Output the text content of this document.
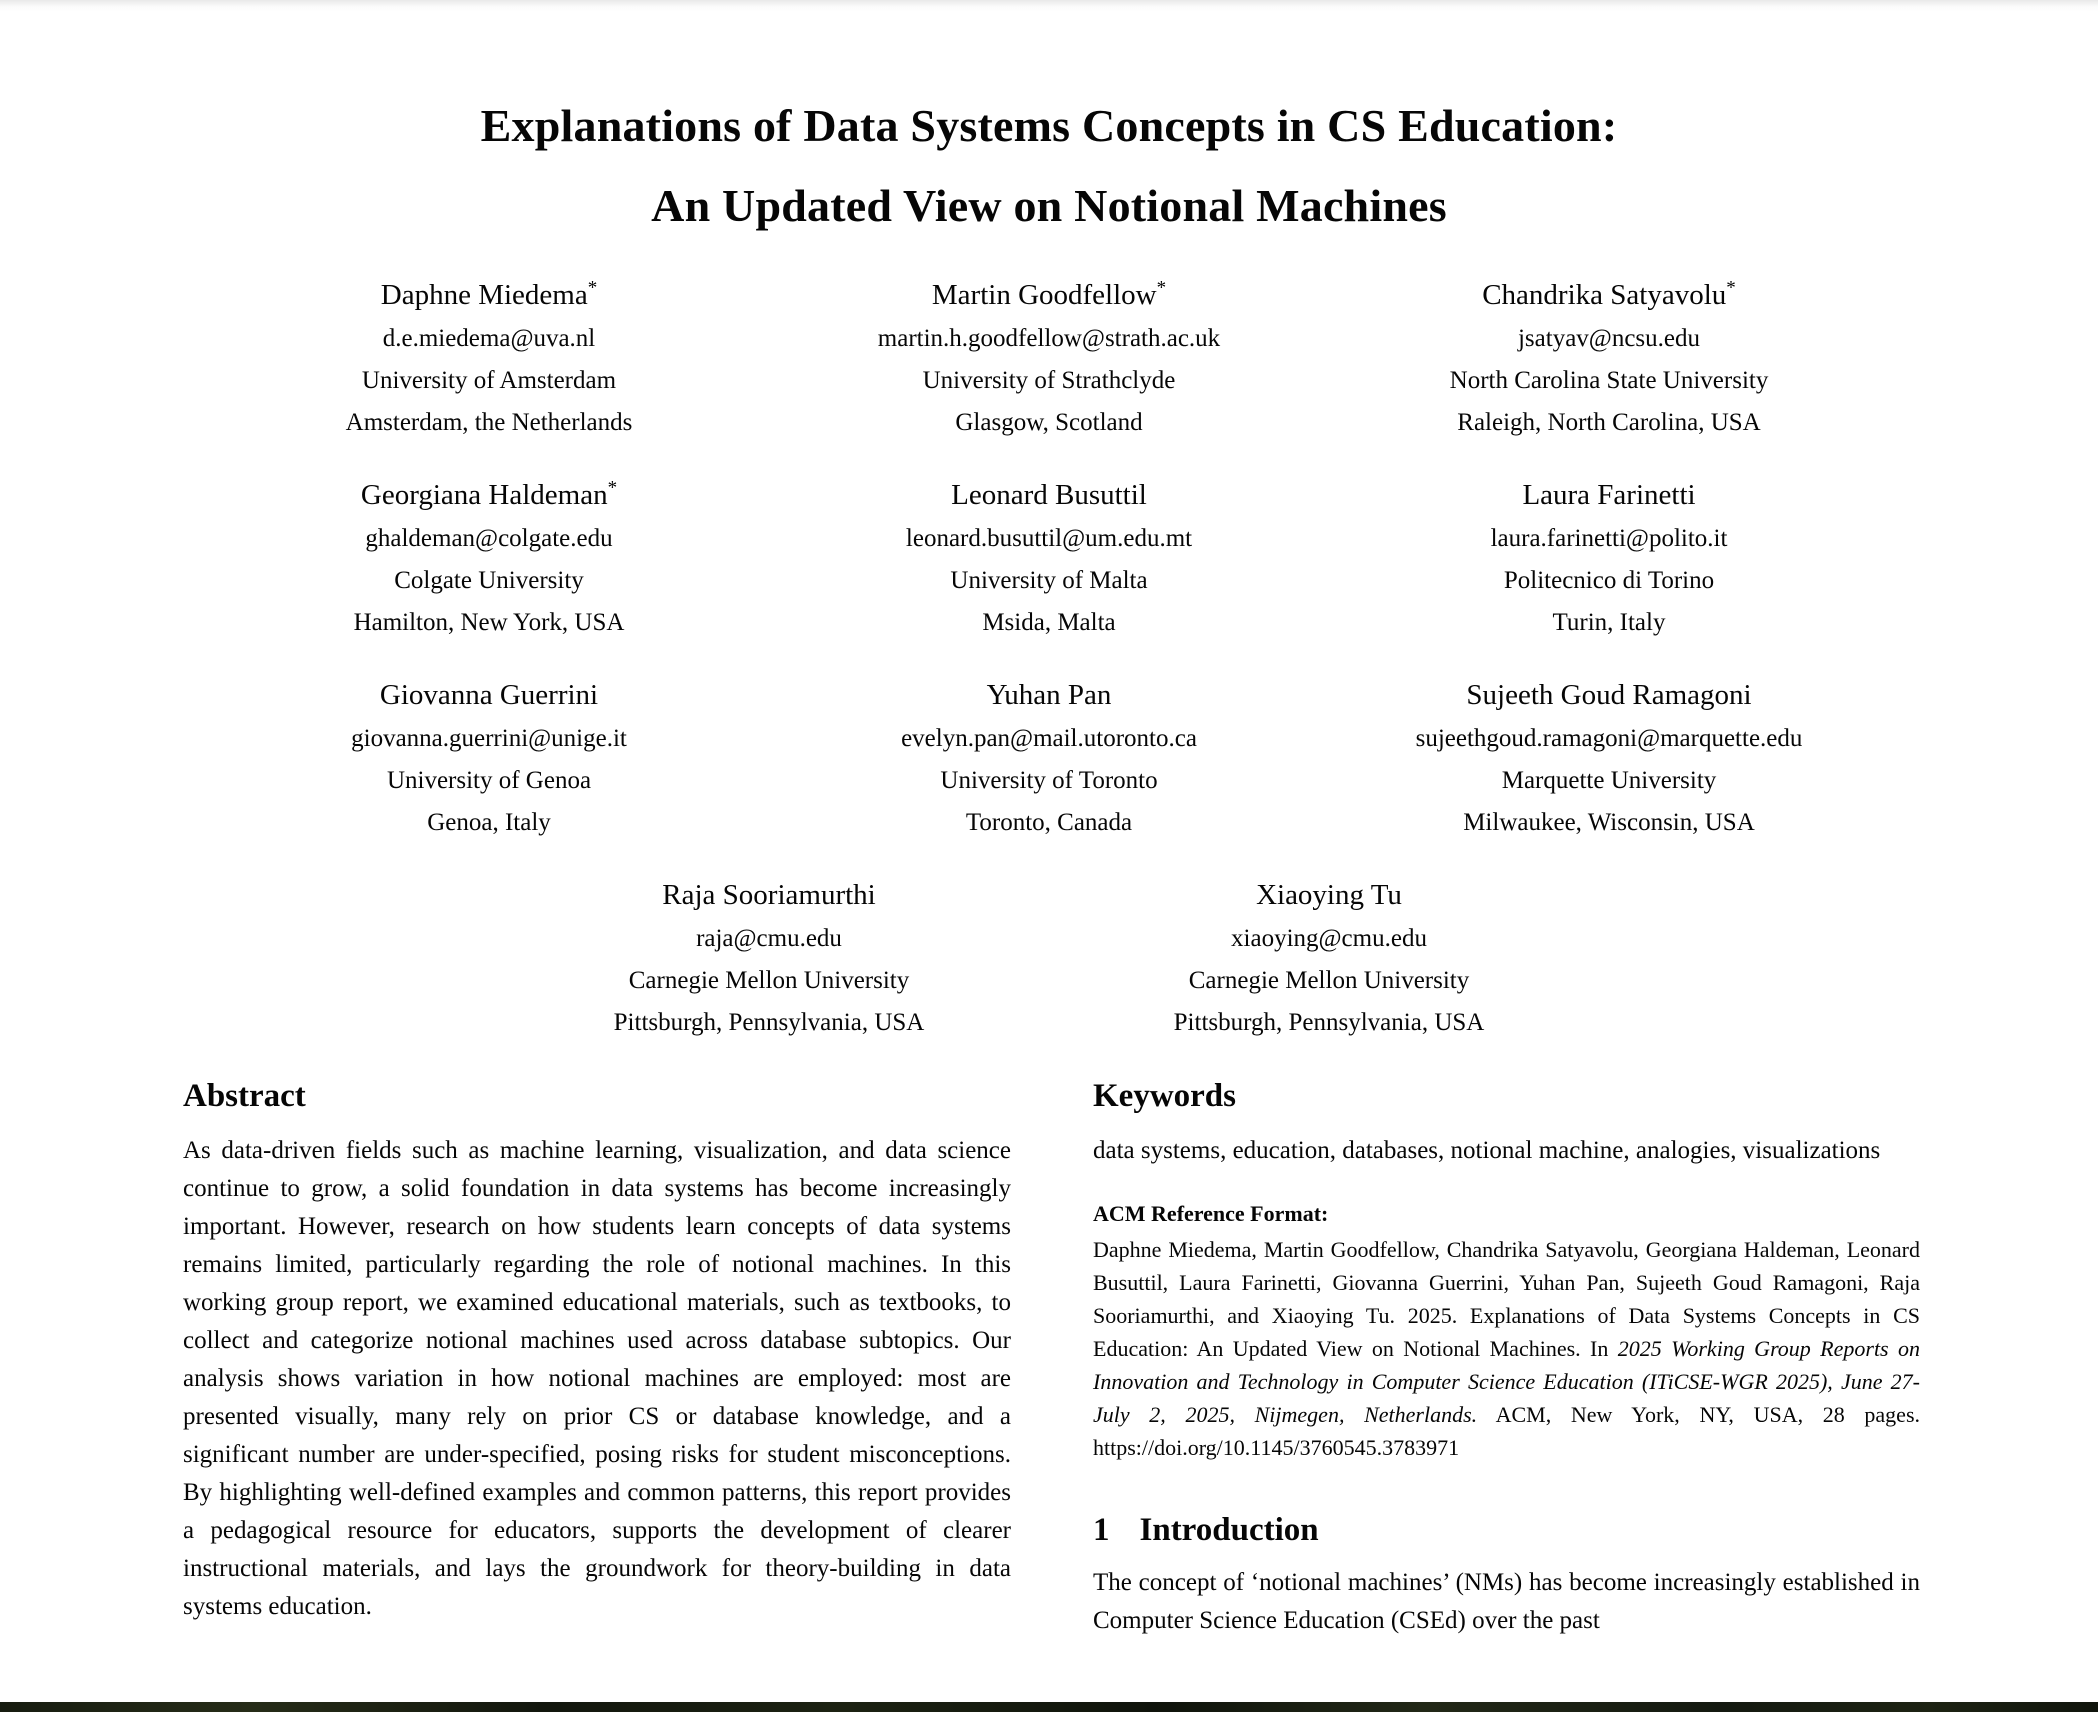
Explanations of Data Systems Concepts in CS Education:
An Updated View on Notional Machines
Daphne Miedema*
d.e.miedema@uva.nl
University of Amsterdam
Amsterdam, the Netherlands
Martin Goodfellow*
martin.h.goodfellow@strath.ac.uk
University of Strathclyde
Glasgow, Scotland
Chandrika Satyavolu*
jsatyav@ncsu.edu
North Carolina State University
Raleigh, North Carolina, USA
Georgiana Haldeman*
ghaldeman@colgate.edu
Colgate University
Hamilton, New York, USA
Leonard Busuttil
leonard.busuttil@um.edu.mt
University of Malta
Msida, Malta
Laura Farinetti
laura.farinetti@polito.it
Politecnico di Torino
Turin, Italy
Giovanna Guerrini
giovanna.guerrini@unige.it
University of Genoa
Genoa, Italy
Yuhan Pan
evelyn.pan@mail.utoronto.ca
University of Toronto
Toronto, Canada
Sujeeth Goud Ramagoni
sujeethgoud.ramagoni@marquette.edu
Marquette University
Milwaukee, Wisconsin, USA
Raja Sooriamurthi
raja@cmu.edu
Carnegie Mellon University
Pittsburgh, Pennsylvania, USA
Xiaoying Tu
xiaoying@cmu.edu
Carnegie Mellon University
Pittsburgh, Pennsylvania, USA
Abstract

As data-driven fields such as machine learning, visualization, and data science continue to grow, a solid foundation in data systems has become increasingly important. However, research on how students learn concepts of data systems remains limited, particularly regarding the role of notional machines. In this working group report, we examined educational materials, such as textbooks, to collect and categorize notional machines used across database subtopics. Our analysis shows variation in how notional machines are employed: most are presented visually, many rely on prior CS or database knowledge, and a significant number are under-specified, posing risks for student misconceptions. By highlighting well-defined examples and common patterns, this report provides a pedagogical resource for educators, supports the development of clearer instructional materials, and lays the groundwork for theory-building in data systems education.

Keywords

data systems, education, databases, notional machine, analogies, visualizations

ACM Reference Format:

Daphne Miedema, Martin Goodfellow, Chandrika Satyavolu, Georgiana Haldeman, Leonard Busuttil, Laura Farinetti, Giovanna Guerrini, Yuhan Pan, Sujeeth Goud Ramagoni, Raja Sooriamurthi, and Xiaoying Tu. 2025. Explanations of Data Systems Concepts in CS Education: An Updated View on Notional Machines. In 2025 Working Group Reports on Innovation and Technology in Computer Science Education (ITiCSE-WGR 2025), June 27-July 2, 2025, Nijmegen, Netherlands. ACM, New York, NY, USA, 28 pages. https://doi.org/10.1145/3760545.3783971

1 Introduction

The concept of ‘notional machines’ (NMs) has become increasingly established in Computer Science Education (CSEd) over the past
